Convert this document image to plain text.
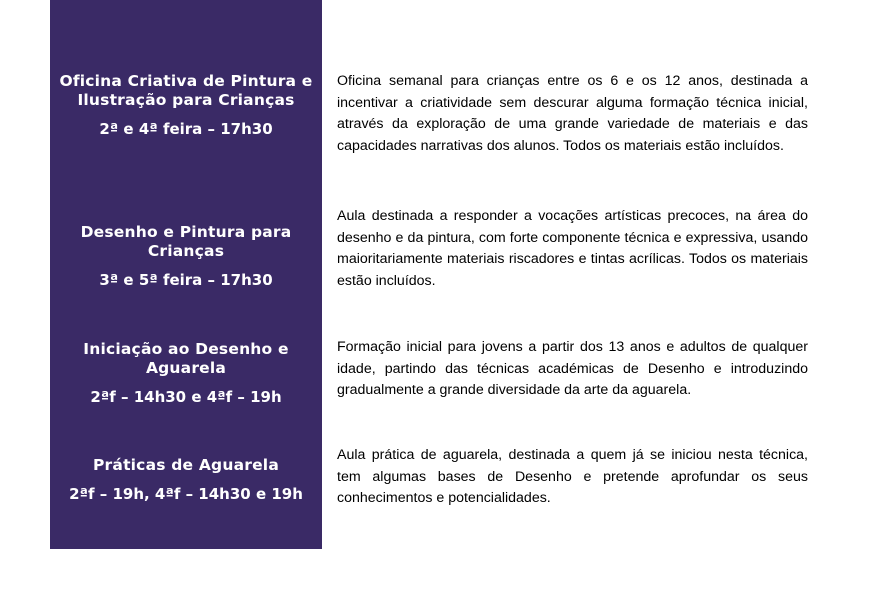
Oficina Criativa de Pintura e Ilustração para Crianças
2ª e 4ª feira – 17h30
Oficina semanal para crianças entre os 6 e os 12 anos, destinada a incentivar a criatividade sem descurar alguma formação técnica inicial, através da exploração de uma grande variedade de materiais e das capacidades narrativas dos alunos. Todos os materiais estão incluídos.
Desenho e Pintura para Crianças
3ª e 5ª feira – 17h30
Aula destinada a responder a vocações artísticas precoces, na área do desenho e da pintura, com forte componente técnica e expressiva, usando maioritariamente materiais riscadores e tintas acrílicas. Todos os materiais estão incluídos.
Iniciação ao Desenho e Aguarela
2ªf – 14h30 e 4ªf – 19h
Formação inicial para jovens a partir dos 13 anos e adultos de qualquer idade, partindo das técnicas académicas de Desenho e introduzindo gradualmente a grande diversidade da arte da aguarela.
Práticas de Aguarela
2ªf – 19h, 4ªf – 14h30 e 19h
Aula prática de aguarela, destinada a quem já se iniciou nesta técnica, tem algumas bases de Desenho e pretende aprofundar os seus conhecimentos e potencialidades.
